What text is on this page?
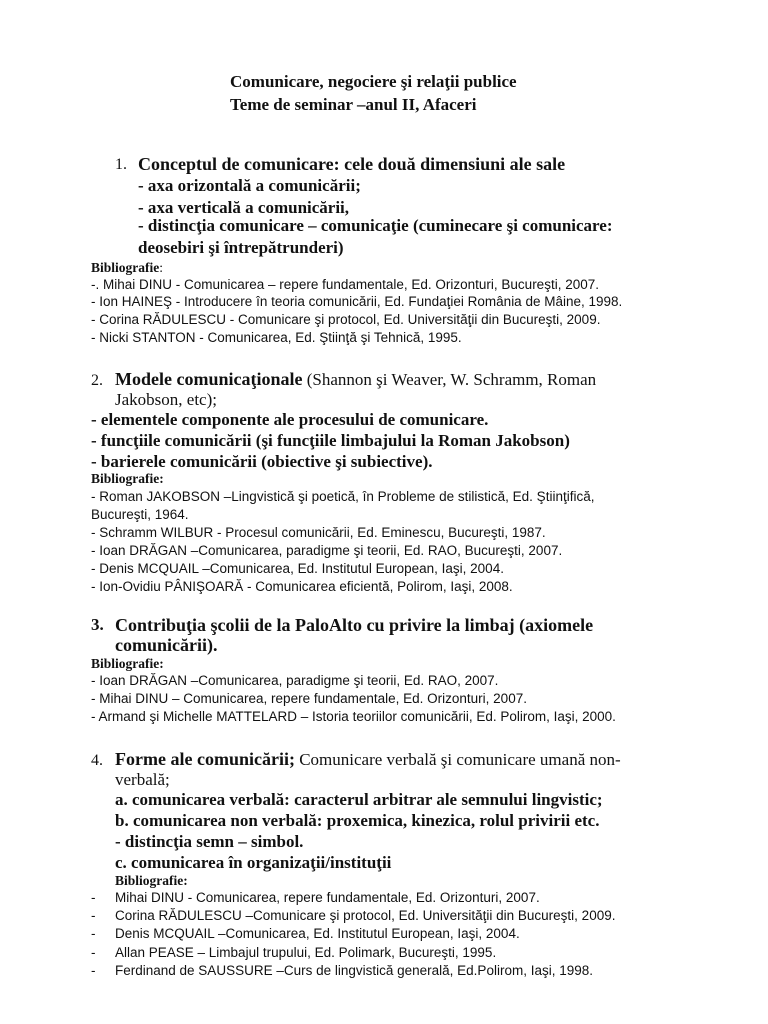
Comunicare, negociere şi relaţii publice
Teme de seminar –anul II, Afaceri
1. Conceptul de comunicare: cele două dimensiuni ale sale
- axa orizontală a comunicării;
- axa verticală a comunicării,
- distincţia comunicare – comunicaţie (cuminecare şi comunicare:
deosebiri şi întrepătrunderi)
Bibliografie:
-. Mihai DINU - Comunicarea – repere fundamentale, Ed. Orizonturi, Bucureşti, 2007.
- Ion HAINEŞ - Introducere în teoria comunicării, Ed. Fundaţiei România de Mâine, 1998.
- Corina RĂDULESCU - Comunicare şi protocol, Ed. Universităţii din Bucureşti, 2009.
- Nicki STANTON - Comunicarea, Ed. Ştiinţă şi Tehnică, 1995.
2. Modele comunicaţionale (Shannon şi Weaver, W. Schramm, Roman
Jakobson, etc);
- elementele componente ale procesului de comunicare.
- funcţiile comunicării (şi funcţiile limbajului la Roman Jakobson)
- barierele comunicării (obiective şi subiective).
Bibliografie:
- Roman JAKOBSON –Lingvistică şi poetică, în Probleme de stilistică, Ed. Ştiinţifică,
Bucureşti, 1964.
- Schramm WILBUR - Procesul comunicării, Ed. Eminescu, Bucureşti, 1987.
- Ioan DRĂGAN –Comunicarea, paradigme şi teorii, Ed. RAO, Bucureşti, 2007.
- Denis MCQUAIL –Comunicarea, Ed. Institutul European, Iaşi, 2004.
- Ion-Ovidiu PÂNIŞOARĂ - Comunicarea eficientă, Polirom, Iaşi, 2008.
3. Contribuţia şcolii de la PaloAlto cu privire la limbaj (axiomele
comunicării).
Bibliografie:
- Ioan DRĂGAN –Comunicarea, paradigme şi teorii, Ed. RAO, 2007.
- Mihai DINU – Comunicarea, repere fundamentale, Ed. Orizonturi, 2007.
- Armand şi Michelle MATTELARD – Istoria teoriilor comunicării, Ed. Polirom, Iaşi, 2000.
4. Forme ale comunicării; Comunicare verbală şi comunicare umană non-
verbală;
a. comunicarea verbală: caracterul arbitrar ale semnului lingvistic;
b. comunicarea non verbală: proxemica, kinezica, rolul privirii etc.
- distincţia semn – simbol.
c. comunicarea în organizaţii/instituţii
Bibliografie:
- Mihai DINU - Comunicarea, repere fundamentale, Ed. Orizonturi, 2007.
- Corina RĂDULESCU –Comunicare şi protocol, Ed. Universităţii din Bucureşti, 2009.
- Denis MCQUAIL –Comunicarea, Ed. Institutul European, Iaşi, 2004.
- Allan PEASE – Limbajul trupului, Ed. Polimark, Bucureşti, 1995.
- Ferdinand de SAUSSURE –Curs de lingvistică generală, Ed.Polirom, Iaşi, 1998.
